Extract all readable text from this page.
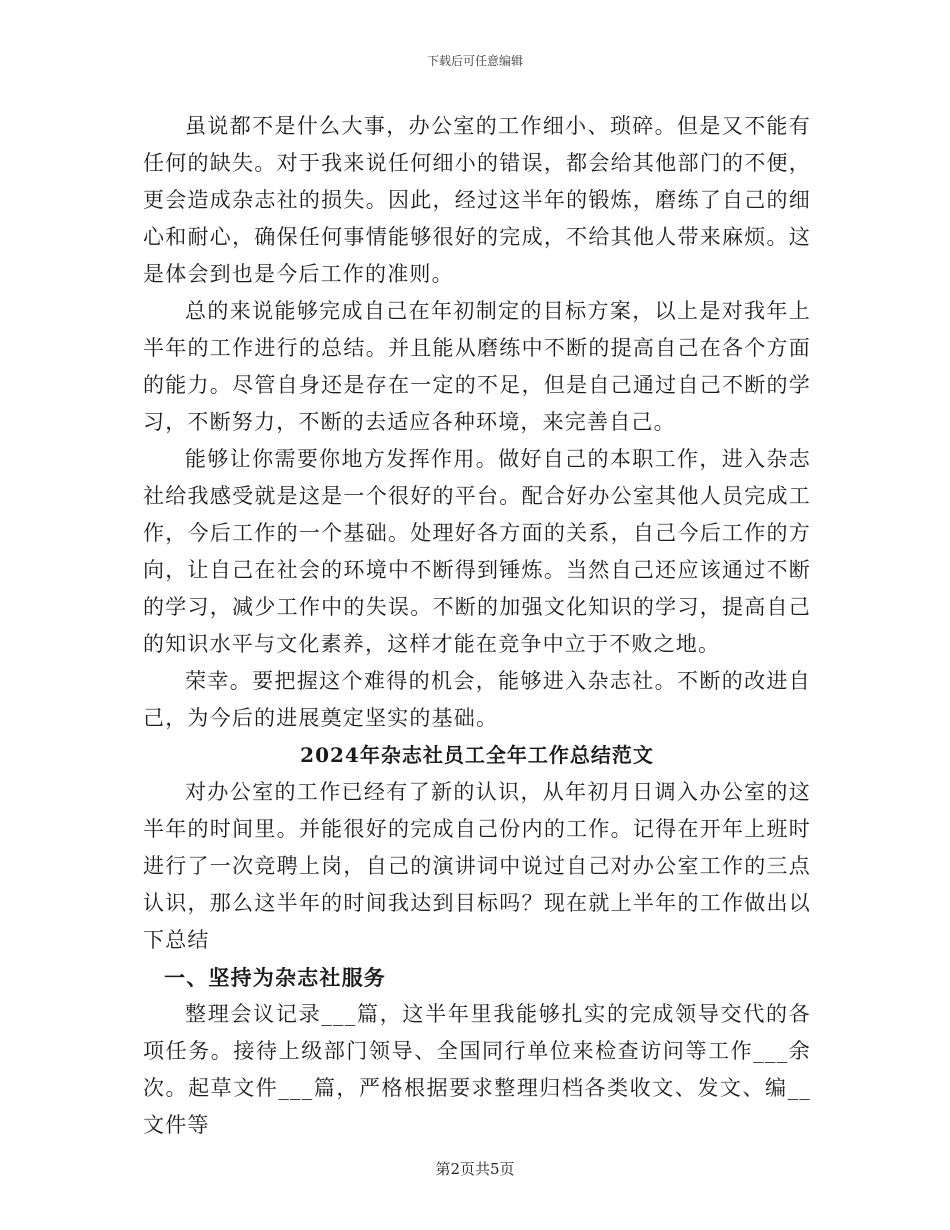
下载后可任意编辑

虽说都不是什么大事，办公室的工作细小、琐碎。但是又不能有任何的缺失。对于我来说任何细小的错误，都会给其他部门的不便，更会造成杂志社的损失。因此，经过这半年的锻炼，磨练了自己的细心和耐心，确保任何事情能够很好的完成，不给其他人带来麻烦。这是体会到也是今后工作的准则。

总的来说能够完成自己在年初制定的目标方案，以上是对我年上半年的工作进行的总结。并且能从磨练中不断的提高自己在各个方面的能力。尽管自身还是存在一定的不足，但是自己通过自己不断的学习，不断努力，不断的去适应各种环境，来完善自己。

能够让你需要你地方发挥作用。做好自己的本职工作，进入杂志社给我感受就是这是一个很好的平台。配合好办公室其他人员完成工作，今后工作的一个基础。处理好各方面的关系，自己今后工作的方向，让自己在社会的环境中不断得到锤炼。当然自己还应该通过不断的学习，减少工作中的失误。不断的加强文化知识的学习，提高自己的知识水平与文化素养，这样才能在竞争中立于不败之地。

荣幸。要把握这个难得的机会，能够进入杂志社。不断的改进自己，为今后的进展奠定坚实的基础。

2024年杂志社员工全年工作总结范文

对办公室的工作已经有了新的认识，从年初月日调入办公室的这半年的时间里。并能很好的完成自己份内的工作。记得在开年上班时进行了一次竞聘上岗，自己的演讲词中说过自己对办公室工作的三点认识，那么这半年的时间我达到目标吗？现在就上半年的工作做出以下总结

一、坚持为杂志社服务

整理会议记录___篇，这半年里我能够扎实的完成领导交代的各项任务。接待上级部门领导、全国同行单位来检查访问等工作___余次。起草文件___篇，严格根据要求整理归档各类收文、发文、编__文件等

第2页共5页
